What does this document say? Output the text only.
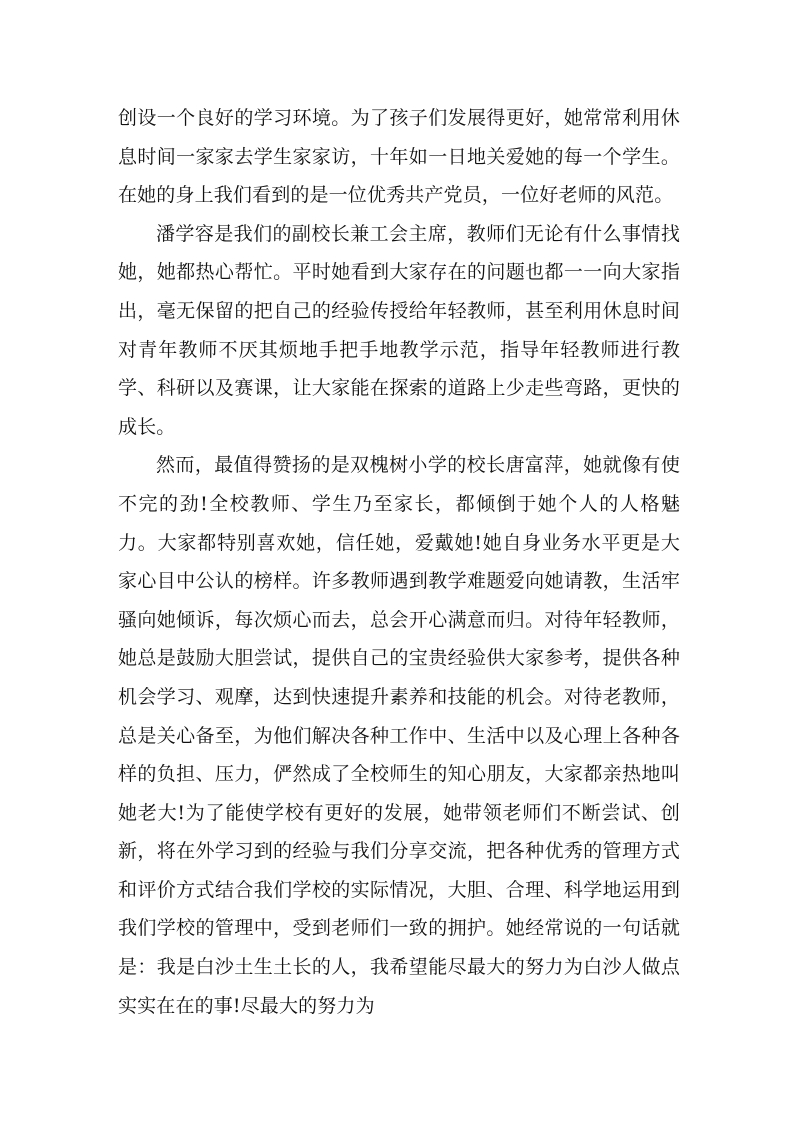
创设一个良好的学习环境。为了孩子们发展得更好，她常常利用休息时间一家家去学生家家访，十年如一日地关爱她的每一个学生。在她的身上我们看到的是一位优秀共产党员，一位好老师的风范。

潘学容是我们的副校长兼工会主席，教师们无论有什么事情找她，她都热心帮忙。平时她看到大家存在的问题也都一一向大家指出，毫无保留的把自己的经验传授给年轻教师，甚至利用休息时间对青年教师不厌其烦地手把手地教学示范，指导年轻教师进行教学、科研以及赛课，让大家能在探索的道路上少走些弯路，更快的成长。

然而，最值得赞扬的是双槐树小学的校长唐富萍，她就像有使不完的劲!全校教师、学生乃至家长，都倾倒于她个人的人格魅力。大家都特别喜欢她，信任她，爱戴她!她自身业务水平更是大家心目中公认的榜样。许多教师遇到教学难题爱向她请教，生活牢骚向她倾诉，每次烦心而去，总会开心满意而归。对待年轻教师，她总是鼓励大胆尝试，提供自己的宝贵经验供大家参考，提供各种机会学习、观摩，达到快速提升素养和技能的机会。对待老教师，总是关心备至，为他们解决各种工作中、生活中以及心理上各种各样的负担、压力，俨然成了全校师生的知心朋友，大家都亲热地叫她老大!为了能使学校有更好的发展，她带领老师们不断尝试、创新，将在外学习到的经验与我们分享交流，把各种优秀的管理方式和评价方式结合我们学校的实际情况，大胆、合理、科学地运用到我们学校的管理中，受到老师们一致的拥护。她经常说的一句话就是：我是白沙土生土长的人，我希望能尽最大的努力为白沙人做点实实在在的事!尽最大的努力为
